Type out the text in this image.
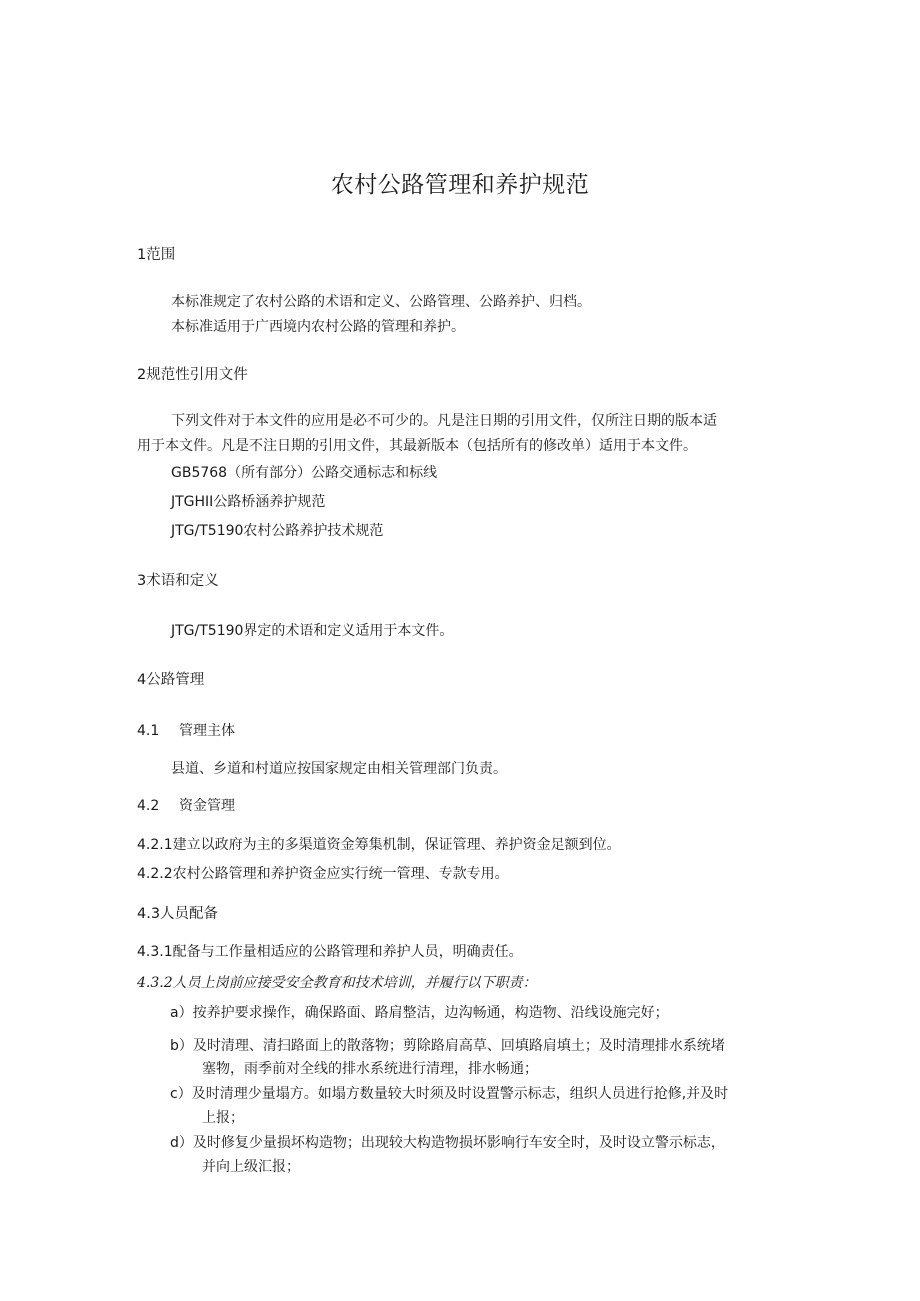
农村公路管理和养护规范

1范围

本标准规定了农村公路的术语和定义、公路管理、公路养护、归档。

本标准适用于广西境内农村公路的管理和养护。

2规范性引用文件

下列文件对于本文件的应用是必不可少的。凡是注日期的引用文件，仅所注日期的版本适

用于本文件。凡是不注日期的引用文件，其最新版本（包括所有的修改单）适用于本文件。

GB5768（所有部分）公路交通标志和标线

JTGHII公路桥涵养护规范

JTG/T5190农村公路养护技术规范

3术语和定义

JTG/T5190界定的术语和定义适用于本文件。

4公路管理

4.1 管理主体

县道、乡道和村道应按国家规定由相关管理部门负责。

4.2 资金管理

4.2.1建立以政府为主的多渠道资金筹集机制，保证管理、养护资金足额到位。

4.2.2农村公路管理和养护资金应实行统一管理、专款专用。

4.3人员配备

4.3.1配备与工作量相适应的公路管理和养护人员，明确责任。

4.3.2人员上岗前应接受安全教育和技术培训，并履行以下职责：

a）按养护要求操作，确保路面、路肩整洁，边沟畅通，构造物、沿线设施完好；

b）及时清理、清扫路面上的散落物；剪除路肩高草、回填路肩填土；及时清理排水系统堵

塞物，雨季前对全线的排水系统进行清理，排水畅通；

c）及时清理少量塌方。如塌方数量较大时须及时设置警示标志，组织人员进行抢修,并及时

上报；

d）及时修复少量损坏构造物；出现较大构造物损坏影响行车安全时，及时设立警示标志，

并向上级汇报；
